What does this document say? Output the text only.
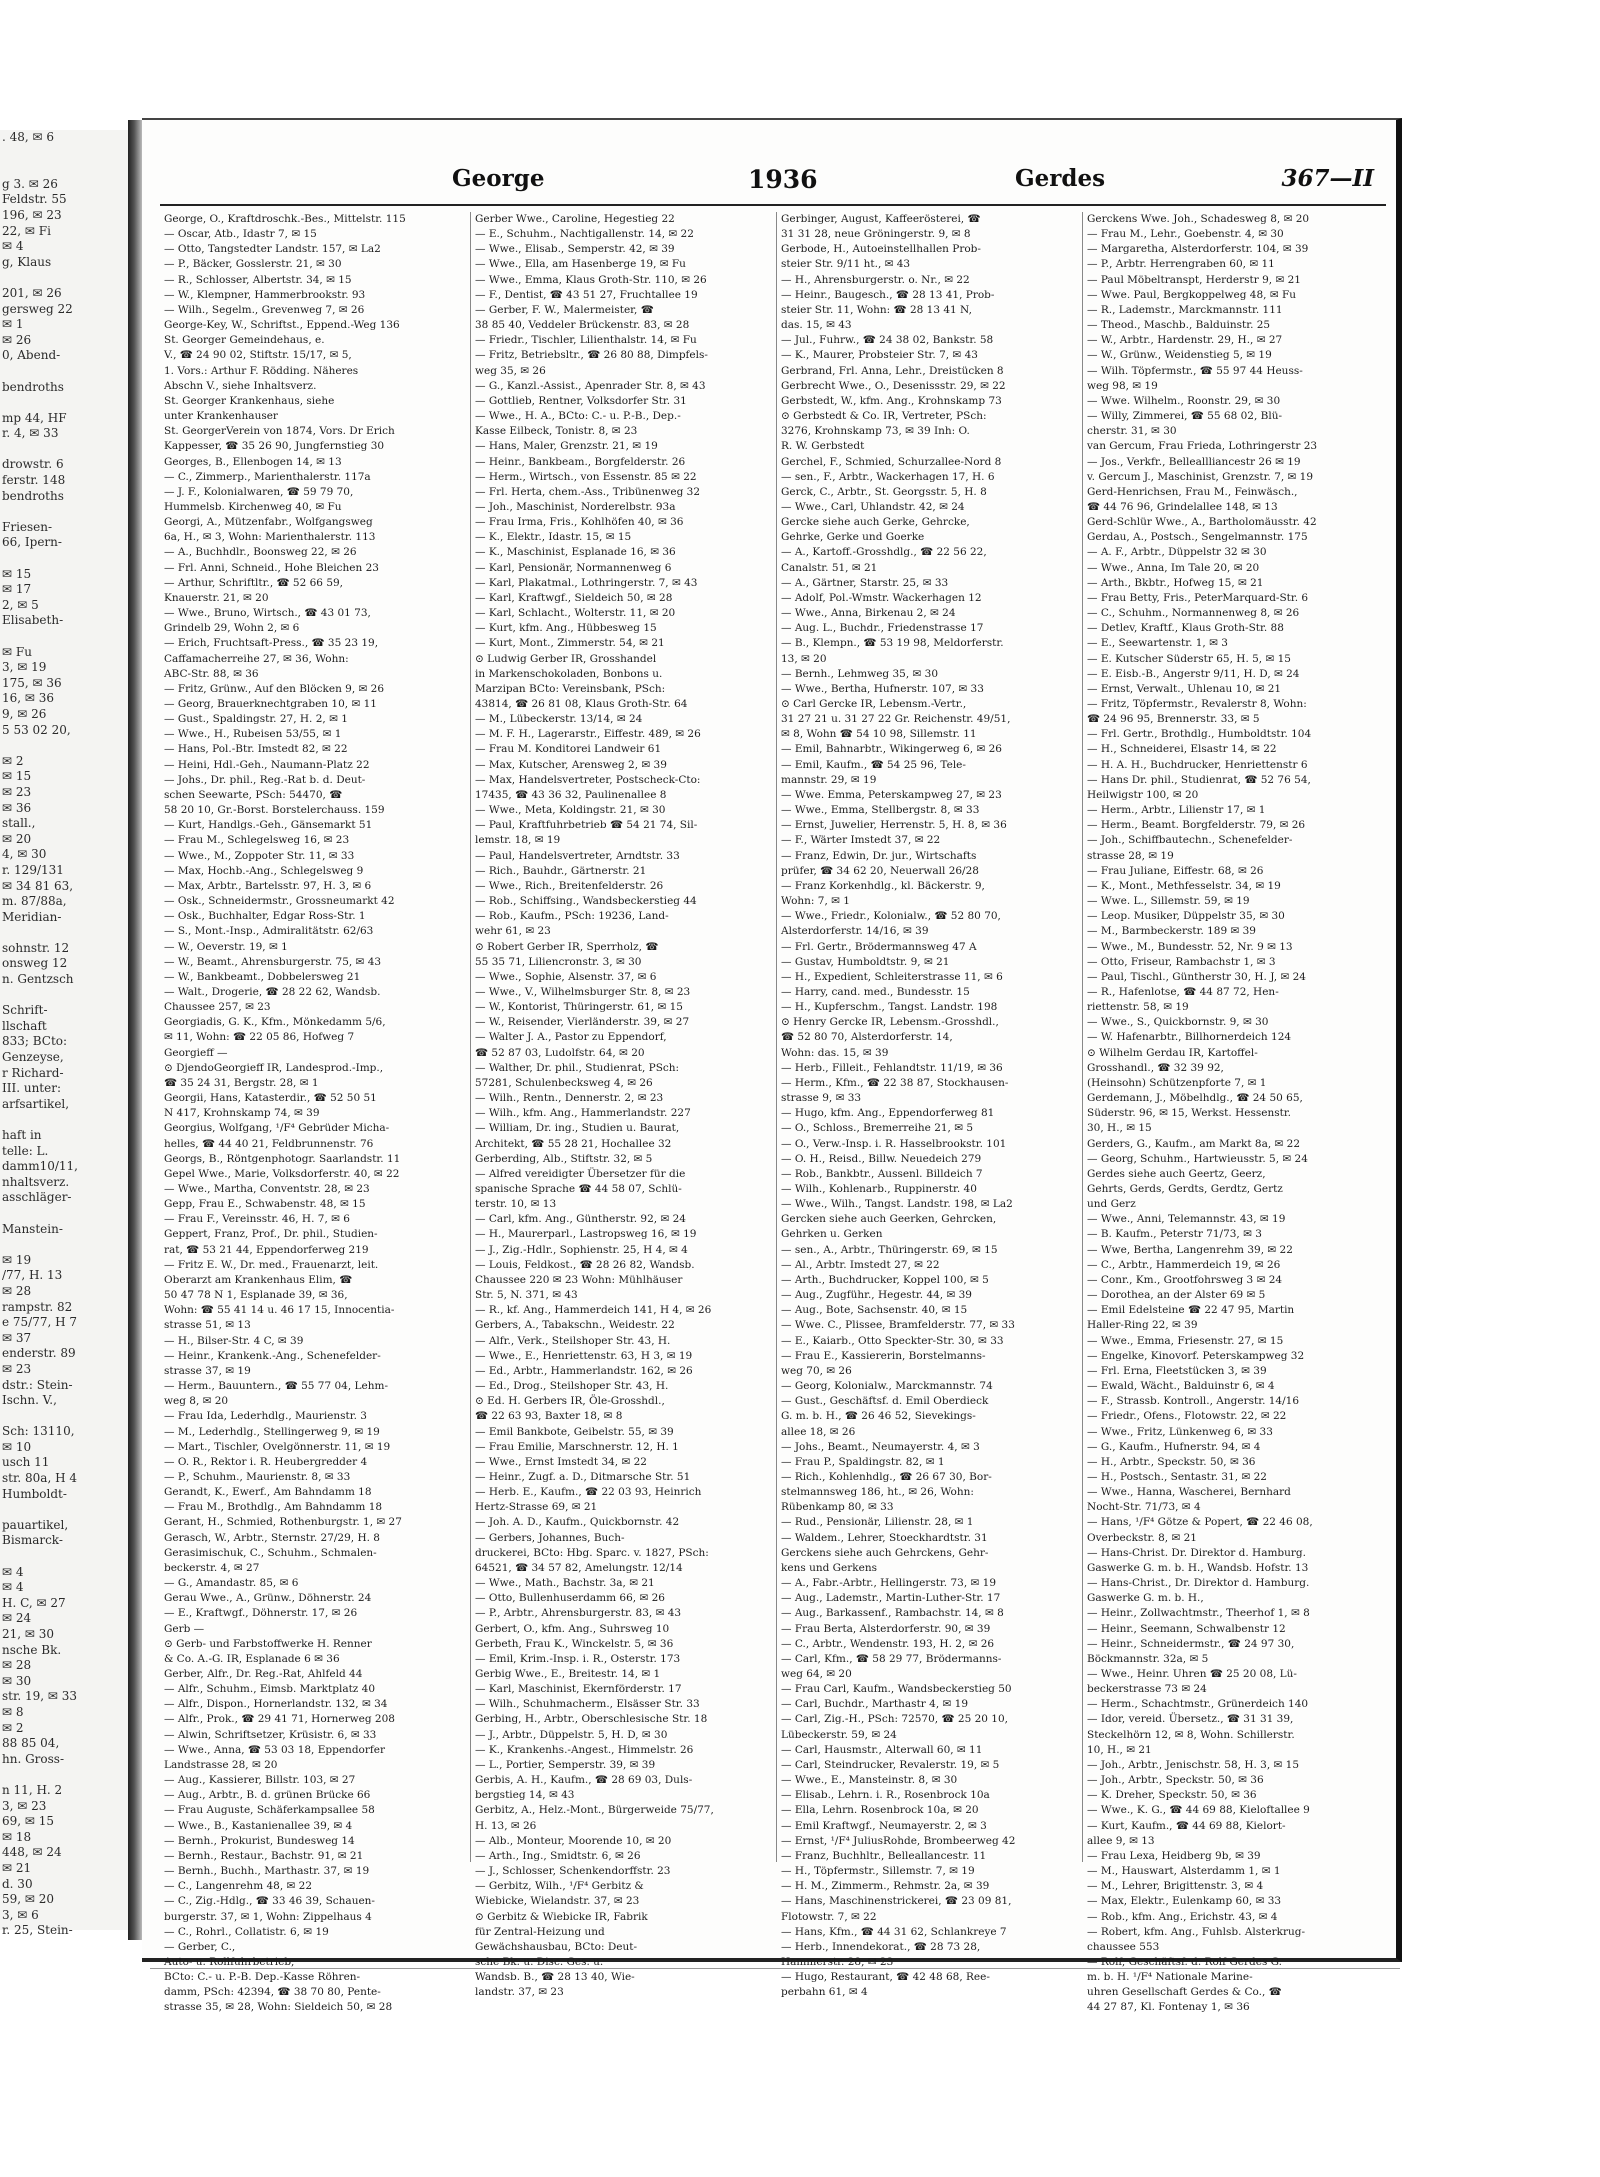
. 48, ✉ 6

g 3. ✉ 26
Feldstr. 55
196, ✉ 23
22, ✉ Fi
✉ 4
g, Klaus

201, ✉ 26
gersweg 22
✉ 1
✉ 26
0, Abend-

bendroths

mp 44, HF
r. 4, ✉ 33

drowstr. 6
ferstr. 148
bendroths

Friesen-
66, Ipern-

✉ 15
✉ 17
2, ✉ 5
Elisabeth-

✉ Fu
3, ✉ 19
175, ✉ 36
16, ✉ 36
9, ✉ 26
5 53 02 20,

✉ 2
✉ 15
✉ 23
✉ 36
stall.,
✉ 20
4, ✉ 30
r. 129/131
✉ 34 81 63,
m. 87/88a,
Meridian-

sohnstr. 12
onsweg 12
n. Gentzsch

Schrift-
llschaft
833; BCto:
Genzeyse,
r Richard-
III. unter:
arfsartikel,

haft in
telle: L.
damm10/11,
nhaltsverz.
asschläger-

Manstein-

✉ 19
/77, H. 13
✉ 28
rampstr. 82
e 75/77, H 7
✉ 37
enderstr. 89
✉ 23
dstr.: Stein-
Ischn. V.,

Sch: 13110,
✉ 10
usch 11
str. 80a, H 4
Humboldt-

pauartikel,
Bismarck-

✉ 4
✉ 4
H. C, ✉ 27
✉ 24
21, ✉ 30
nsche Bk.
✉ 28
✉ 30
str. 19, ✉ 33
✉ 8
✉ 2
88 85 04,
hn. Gross-

n 11, H. 2
3, ✉ 23
69, ✉ 15
✉ 18
448, ✉ 24
✉ 21
d. 30
59, ✉ 20
3, ✉ 6
r. 25, Stein-
George	1936	Gerdes	367—II
George, O., Kraftdroschk.-Bes., Mittelstr. 115
— Oscar, Atb., Idastr 7, ✉ 15
— Otto, Tangstedter Landstr. 157, ✉ La2
— P., Bäcker, Gosslerstr. 21, ✉ 30
— R., Schlosser, Albertstr. 34, ✉ 15
— W., Klempner, Hammerbrookstr. 93
— Wilh., Segelm., Grevenweg 7, ✉ 26
George-Key, W., Schriftst., Eppend.-Weg 136
St. Georger Gemeindehaus, e.
V., ☎ 24 90 02, Stiftstr. 15/17, ✉ 5,
1. Vors.: Arthur F. Rödding. Näheres
Abschn V., siehe Inhaltsverz.
St. Georger Krankenhaus, siehe
unter Krankenhauser
St. GeorgerVerein von 1874, Vors. Dr Erich
Kappesser, ☎ 35 26 90, Jungfernstieg 30
Georges, B., Ellenbogen 14, ✉ 13
— C., Zimmerp., Marienthalerstr. 117a
— J. F., Kolonialwaren, ☎ 59 79 70,
Hummelsb. Kirchenweg 40, ✉ Fu
Georgi, A., Mützenfabr., Wolfgangsweg
6a, H., ✉ 3, Wohn: Marienthalerstr. 113
— A., Buchhdlr., Boonsweg 22, ✉ 26
— Frl. Anni, Schneid., Hohe Bleichen 23
— Arthur, Schriftltr., ☎ 52 66 59,
Knauerstr. 21, ✉ 20
— Wwe., Bruno, Wirtsch., ☎ 43 01 73,
Grindelb 29, Wohn 2, ✉ 6
— Erich, Fruchtsaft-Press., ☎ 35 23 19,
Caffamacherreihe 27, ✉ 36, Wohn:
ABC-Str. 88, ✉ 36
— Fritz, Grünw., Auf den Blöcken 9, ✉ 26
— Georg, Brauerknechtgraben 10, ✉ 11
— Gust., Spaldingstr. 27, H. 2, ✉ 1
— Wwe., H., Rubeisen 53/55, ✉ 1
— Hans, Pol.-Btr. Imstedt 82, ✉ 22
— Heini, Hdl.-Geh., Naumann-Platz 22
— Johs., Dr. phil., Reg.-Rat b. d. Deut-
schen Seewarte, PSch: 54470, ☎
58 20 10, Gr.-Borst. Borstelerchauss. 159
— Kurt, Handlgs.-Geh., Gänsemarkt 51
— Frau M., Schlegelsweg 16, ✉ 23
— Wwe., M., Zoppoter Str. 11, ✉ 33
— Max, Hochb.-Ang., Schlegelsweg 9
— Max, Arbtr., Bartelsstr. 97, H. 3, ✉ 6
— Osk., Schneidermstr., Grossneumarkt 42
— Osk., Buchhalter, Edgar Ross-Str. 1
— S., Mont.-Insp., Admiralitätstr. 62/63
— W., Oeverstr. 19, ✉ 1
— W., Beamt., Ahrensburgerstr. 75, ✉ 43
— W., Bankbeamt., Dobbelersweg 21
— Walt., Drogerie, ☎ 28 22 62, Wandsb.
Chaussee 257, ✉ 23
Georgiadis, G. K., Kfm., Mönkedamm 5/6,
✉ 11, Wohn: ☎ 22 05 86, Hofweg 7
Georgieff —
⊙ DjendoGeorgieff IR, Landesprod.-Imp.,
☎ 35 24 31, Bergstr. 28, ✉ 1
Georgii, Hans, Katasterdir., ☎ 52 50 51
N 417, Krohnskamp 74, ✉ 39
Georgius, Wolfgang, ¹/F⁴ Gebrüder Micha-
helles, ☎ 44 40 21, Feldbrunnenstr. 76
Georgs, B., Röntgenphotogr. Saarlandstr. 11
Gepel Wwe., Marie, Volksdorferstr. 40, ✉ 22
— Wwe., Martha, Conventstr. 28, ✉ 23
Gepp, Frau E., Schwabenstr. 48, ✉ 15
— Frau F., Vereinsstr. 46, H. 7, ✉ 6
Geppert, Franz, Prof., Dr. phil., Studien-
rat, ☎ 53 21 44, Eppendorferweg 219
— Fritz E. W., Dr. med., Frauenarzt, leit.
Oberarzt am Krankenhaus Elim, ☎
50 47 78 N 1, Esplanade 39, ✉ 36,
Wohn: ☎ 55 41 14 u. 46 17 15, Innocentia-
strasse 51, ✉ 13
— H., Bilser-Str. 4 C, ✉ 39
— Heinr., Krankenk.-Ang., Schenefelder-
strasse 37, ✉ 19
— Herm., Bauuntern., ☎ 55 77 04, Lehm-
weg 8, ✉ 20
— Frau Ida, Lederhdlg., Maurienstr. 3
— M., Lederhdlg., Stellingerweg 9, ✉ 19
— Mart., Tischler, Ovelgönnerstr. 11, ✉ 19
— O. R., Rektor i. R. Heubergredder 4
— P., Schuhm., Maurienstr. 8, ✉ 33
Gerandt, K., Ewerf., Am Bahndamm 18
— Frau M., Brothdlg., Am Bahndamm 18
Gerant, H., Schmied, Rothenburgstr. 1, ✉ 27
Gerasch, W., Arbtr., Sternstr. 27/29, H. 8
Gerasimischuk, C., Schuhm., Schmalen-
beckerstr. 4, ✉ 27
— G., Amandastr. 85, ✉ 6
Gerau Wwe., A., Grünw., Döhnerstr. 24
— E., Kraftwgf., Döhnerstr. 17, ✉ 26
Gerb —
⊙ Gerb- und Farbstoffwerke H. Renner
& Co. A.-G. IR, Esplanade 6 ✉ 36
Gerber, Alfr., Dr. Reg.-Rat, Ahlfeld 44
— Alfr., Schuhm., Eimsb. Marktplatz 40
— Alfr., Dispon., Hornerlandstr. 132, ✉ 34
— Alfr., Prok., ☎ 29 41 71, Hornerweg 208
— Alwin, Schriftsetzer, Krüsistr. 6, ✉ 33
— Wwe., Anna, ☎ 53 03 18, Eppendorfer
Landstrasse 28, ✉ 20
— Aug., Kassierer, Billstr. 103, ✉ 27
— Aug., Arbtr., B. d. grünen Brücke 66
— Frau Auguste, Schäferkampsallee 58
— Wwe., B., Kastanienallee 39, ✉ 4
— Bernh., Prokurist, Bundesweg 14
— Bernh., Restaur., Bachstr. 91, ✉ 21
— Bernh., Buchh., Marthastr. 37, ✉ 19
— C., Langenrehm 48, ✉ 22
— C., Zig.-Hdlg., ☎ 33 46 39, Schauen-
burgerstr. 37, ✉ 1, Wohn: Zippelhaus 4
— C., Rohrl., Collatistr. 6, ✉ 19
— Gerber, C.,
Auto- u. Rollfuhrbetrieb,
BCto: C.- u. P.-B. Dep.-Kasse Röhren-
damm, PSch: 42394, ☎ 38 70 80, Pente-
strasse 35, ✉ 28, Wohn: Sieldeich 50, ✉ 28
Gerber Wwe., Caroline, Hegestieg 22
— E., Schuhm., Nachtigallenstr. 14, ✉ 22
— Wwe., Elisab., Semperstr. 42, ✉ 39
— Wwe., Ella, am Hasenberge 19, ✉ Fu
— Wwe., Emma, Klaus Groth-Str. 110, ✉ 26
— F., Dentist, ☎ 43 51 27, Fruchtallee 19
— Gerber, F. W., Malermeister, ☎
38 85 40, Veddeler Brückenstr. 83, ✉ 28
— Friedr., Tischler, Lilienthalstr. 14, ✉ Fu
— Fritz, Betriebsltr., ☎ 26 80 88, Dimpfels-
weg 35, ✉ 26
— G., Kanzl.-Assist., Apenrader Str. 8, ✉ 43
— Gottlieb, Rentner, Volksdorfer Str. 31
— Wwe., H. A., BCto: C.- u. P.-B., Dep.-
Kasse Eilbeck, Tonistr. 8, ✉ 23
— Hans, Maler, Grenzstr. 21, ✉ 19
— Heinr., Bankbeam., Borgfelderstr. 26
— Herm., Wirtsch., von Essenstr. 85 ✉ 22
— Frl. Herta, chem.-Ass., Tribünenweg 32
— Joh., Maschinist, Norderelbstr. 93a
— Frau Irma, Fris., Kohlhöfen 40, ✉ 36
— K., Elektr., Idastr. 15, ✉ 15
— K., Maschinist, Esplanade 16, ✉ 36
— Karl, Pensionär, Normannenweg 6
— Karl, Plakatmal., Lothringerstr. 7, ✉ 43
— Karl, Kraftwgf., Sieldeich 50, ✉ 28
— Karl, Schlacht., Wolterstr. 11, ✉ 20
— Kurt, kfm. Ang., Hübbesweg 15
— Kurt, Mont., Zimmerstr. 54, ✉ 21
⊙ Ludwig Gerber IR, Grosshandel
in Markenschokoladen, Bonbons u.
Marzipan BCto: Vereinsbank, PSch:
43814, ☎ 26 81 08, Klaus Groth-Str. 64
— M., Lübeckerstr. 13/14, ✉ 24
— M. F. H., Lagerarstr., Eiffestr. 489, ✉ 26
— Frau M. Konditorei Landweir 61
— Max, Kutscher, Arensweg 2, ✉ 39
— Max, Handelsvertreter, Postscheck-Cto:
17435, ☎ 43 36 32, Paulinenallee 8
— Wwe., Meta, Koldingstr. 21, ✉ 30
— Paul, Kraftfuhrbetrieb ☎ 54 21 74, Sil-
lemstr. 18, ✉ 19
— Paul, Handelsvertreter, Arndtstr. 33
— Rich., Bauhdr., Gärtnerstr. 21
— Wwe., Rich., Breitenfelderstr. 26
— Rob., Schiffsing., Wandsbeckerstieg 44
— Rob., Kaufm., PSch: 19236, Land-
wehr 61, ✉ 23
⊙ Robert Gerber IR, Sperrholz, ☎
55 35 71, Liliencronstr. 3, ✉ 30
— Wwe., Sophie, Alsenstr. 37, ✉ 6
— Wwe., V., Wilhelmsburger Str. 8, ✉ 23
— W., Kontorist, Thüringerstr. 61, ✉ 15
— W., Reisender, Vierländerstr. 39, ✉ 27
— Walter J. A., Pastor zu Eppendorf,
☎ 52 87 03, Ludolfstr. 64, ✉ 20
— Walther, Dr. phil., Studienrat, PSch:
57281, Schulenbecksweg 4, ✉ 26
— Wilh., Rentn., Dennerstr. 2, ✉ 23
— Wilh., kfm. Ang., Hammerlandstr. 227
— William, Dr. ing., Studien u. Baurat,
Architekt, ☎ 55 28 21, Hochallee 32
Gerberding, Alb., Stiftstr. 32, ✉ 5
— Alfred vereidigter Übersetzer für die
spanische Sprache ☎ 44 58 07, Schlü-
terstr. 10, ✉ 13
— Carl, kfm. Ang., Güntherstr. 92, ✉ 24
— H., Maurerparl., Lastropsweg 16, ✉ 19
— J., Zig.-Hdlr., Sophienstr. 25, H 4, ✉ 4
— Louis, Feldkost., ☎ 28 26 82, Wandsb.
Chaussee 220 ✉ 23 Wohn: Mühlhäuser
Str. 5, N. 371, ✉ 43
— R., kf. Ang., Hammerdeich 141, H 4, ✉ 26
Gerbers, A., Tabakschn., Weidestr. 22
— Alfr., Verk., Steilshoper Str. 43, H.
— Wwe., E., Henriettenstr. 63, H 3, ✉ 19
— Ed., Arbtr., Hammerlandstr. 162, ✉ 26
— Ed., Drog., Steilshoper Str. 43, H.
⊙ Ed. H. Gerbers IR, Öle-Grosshdl.,
☎ 22 63 93, Baxter 18, ✉ 8
— Emil Bankbote, Geibelstr. 55, ✉ 39
— Frau Emilie, Marschnerstr. 12, H. 1
— Wwe., Ernst Imstedt 34, ✉ 22
— Heinr., Zugf. a. D., Ditmarsche Str. 51
— Herb. E., Kaufm., ☎ 22 03 93, Heinrich
Hertz-Strasse 69, ✉ 21
— Joh. A. D., Kaufm., Quickbornstr. 42
— Gerbers, Johannes, Buch-
druckerei, BCto: Hbg. Sparc. v. 1827, PSch:
64521, ☎ 34 57 82, Amelungstr. 12/14
— Wwe., Math., Bachstr. 3a, ✉ 21
— Otto, Bullenhuserdamm 66, ✉ 26
— P., Arbtr., Ahrensburgerstr. 83, ✉ 43
Gerbert, O., kfm. Ang., Suhrsweg 10
Gerbeth, Frau K., Winckelstr. 5, ✉ 36
— Emil, Krim.-Insp. i. R., Osterstr. 173
Gerbig Wwe., E., Breitestr. 14, ✉ 1
— Karl, Maschinist, Ekernförderstr. 17
— Wilh., Schuhmacherm., Elsässer Str. 33
Gerbing, H., Arbtr., Oberschlesische Str. 18
— J., Arbtr., Düppelstr. 5, H. D, ✉ 30
— K., Krankenhs.-Angest., Himmelstr. 26
— L., Portier, Semperstr. 39, ✉ 39
Gerbis, A. H., Kaufm., ☎ 28 69 03, Duls-
bergstieg 14, ✉ 43
Gerbitz, A., Helz.-Mont., Bürgerweide 75/77,
H. 13, ✉ 26
— Alb., Monteur, Moorende 10, ✉ 20
— Arth., Ing., Smidtstr. 6, ✉ 26
— J., Schlosser, Schenkendorffstr. 23
— Gerbitz, Wilh., ¹/F⁴ Gerbitz &
Wiebicke, Wielandstr. 37, ✉ 23
⊙ Gerbitz & Wiebicke IR, Fabrik
für Zentral-Heizung und
Gewächshausbau, BCto: Deut-
sche Bk. u. Disc. Ges. u.
Wandsb. B., ☎ 28 13 40, Wie-
landstr. 37, ✉ 23
Gerbinger, August, Kaffeerösterei, ☎
31 31 28, neue Gröningerstr. 9, ✉ 8
Gerbode, H., Autoeinstellhallen Prob-
steier Str. 9/11 ht., ✉ 43
— H., Ahrensburgerstr. o. Nr., ✉ 22
— Heinr., Baugesch., ☎ 28 13 41, Prob-
steier Str. 11, Wohn: ☎ 28 13 41 N,
das. 15, ✉ 43
— Jul., Fuhrw., ☎ 24 38 02, Bankstr. 58
— K., Maurer, Probsteier Str. 7, ✉ 43
Gerbrand, Frl. Anna, Lehr., Dreistücken 8
Gerbrecht Wwe., O., Desenissstr. 29, ✉ 22
Gerbstedt, W., kfm. Ang., Krohnskamp 73
⊙ Gerbstedt & Co. IR, Vertreter, PSch:
3276, Krohnskamp 73, ✉ 39 Inh: O.
R. W. Gerbstedt
Gerchel, F., Schmied, Schurzallee-Nord 8
— sen., F., Arbtr., Wackerhagen 17, H. 6
Gerck, C., Arbtr., St. Georgsstr. 5, H. 8
— Wwe., Carl, Uhlandstr. 42, ✉ 24
Gercke siehe auch Gerke, Gehrcke,
Gehrke, Gerke und Goerke
— A., Kartoff.-Grosshdlg., ☎ 22 56 22,
Canalstr. 51, ✉ 21
— A., Gärtner, Starstr. 25, ✉ 33
— Adolf, Pol.-Wmstr. Wackerhagen 12
— Wwe., Anna, Birkenau 2, ✉ 24
— Aug. L., Buchdr., Friedenstrasse 17
— B., Klempn., ☎ 53 19 98, Meldorferstr.
13, ✉ 20
— Bernh., Lehmweg 35, ✉ 30
— Wwe., Bertha, Hufnerstr. 107, ✉ 33
⊙ Carl Gercke IR, Lebensm.-Vertr.,
31 27 21 u. 31 27 22 Gr. Reichenstr. 49/51,
✉ 8, Wohn ☎ 54 10 98, Sillemstr. 11
— Emil, Bahnarbtr., Wikingerweg 6, ✉ 26
— Emil, Kaufm., ☎ 54 25 96, Tele-
mannstr. 29, ✉ 19
— Wwe. Emma, Peterskampweg 27, ✉ 23
— Wwe., Emma, Stellbergstr. 8, ✉ 33
— Ernst, Juwelier, Herrenstr. 5, H. 8, ✉ 36
— F., Wärter Imstedt 37, ✉ 22
— Franz, Edwin, Dr. jur., Wirtschafts
prüfer, ☎ 34 62 20, Neuerwall 26/28
— Franz Korkenhdlg., kl. Bäckerstr. 9,
Wohn: 7, ✉ 1
— Wwe., Friedr., Kolonialw., ☎ 52 80 70,
Alsterdorferstr. 14/16, ✉ 39
— Frl. Gertr., Brödermannsweg 47 A
— Gustav, Humboldtstr. 9, ✉ 21
— H., Expedient, Schleiterstrasse 11, ✉ 6
— Harry, cand. med., Bundesstr. 15
— H., Kupferschm., Tangst. Landstr. 198
⊙ Henry Gercke IR, Lebensm.-Grosshdl.,
☎ 52 80 70, Alsterdorferstr. 14,
Wohn: das. 15, ✉ 39
— Herb., Filleit., Fehlandtstr. 11/19, ✉ 36
— Herm., Kfm., ☎ 22 38 87, Stockhausen-
strasse 9, ✉ 33
— Hugo, kfm. Ang., Eppendorferweg 81
— O., Schloss., Bremerreihe 21, ✉ 5
— O., Verw.-Insp. i. R. Hasselbrookstr. 101
— O. H., Reisd., Billw. Neuedeich 279
— Rob., Bankbtr., Aussenl. Billdeich 7
— Wilh., Kohlenarb., Ruppinerstr. 40
— Wwe., Wilh., Tangst. Landstr. 198, ✉ La2
Gercken siehe auch Geerken, Gehrcken,
Gehrken u. Gerken
— sen., A., Arbtr., Thüringerstr. 69, ✉ 15
— Al., Arbtr. Imstedt 27, ✉ 22
— Arth., Buchdrucker, Koppel 100, ✉ 5
— Aug., Zugführ., Hegestr. 44, ✉ 39
— Aug., Bote, Sachsenstr. 40, ✉ 15
— Wwe. C., Plissee, Bramfelderstr. 77, ✉ 33
— E., Kaiarb., Otto Speckter-Str. 30, ✉ 33
— Frau E., Kassiererin, Borstelmanns-
weg 70, ✉ 26
— Georg, Kolonialw., Marckmannstr. 74
— Gust., Geschäftsf. d. Emil Oberdieck
G. m. b. H., ☎ 26 46 52, Sievekings-
allee 18, ✉ 26
— Johs., Beamt., Neumayerstr. 4, ✉ 3
— Frau P., Spaldingstr. 82, ✉ 1
— Rich., Kohlenhdlg., ☎ 26 67 30, Bor-
stelmannsweg 186, ht., ✉ 26, Wohn:
Rübenkamp 80, ✉ 33
— Rud., Pensionär, Lilienstr. 28, ✉ 1
— Waldem., Lehrer, Stoeckhardtstr. 31
Gerckens siehe auch Gehrckens, Gehr-
kens und Gerkens
— A., Fabr.-Arbtr., Hellingerstr. 73, ✉ 19
— Aug., Lademstr., Martin-Luther-Str. 17
— Aug., Barkassenf., Rambachstr. 14, ✉ 8
— Frau Berta, Alsterdorferstr. 90, ✉ 39
— C., Arbtr., Wendenstr. 193, H. 2, ✉ 26
— Carl, Kfm., ☎ 58 29 77, Brödermanns-
weg 64, ✉ 20
— Frau Carl, Kaufm., Wandsbeckerstieg 50
— Carl, Buchdr., Marthastr 4, ✉ 19
— Carl, Zig.-H., PSch: 72570, ☎ 25 20 10,
Lübeckerstr. 59, ✉ 24
— Carl, Hausmstr., Alterwall 60, ✉ 11
— Carl, Steindrucker, Revalerstr. 19, ✉ 5
— Wwe., E., Mansteinstr. 8, ✉ 30
— Elisab., Lehrn. i. R., Rosenbrock 10a
— Ella, Lehrn. Rosenbrock 10a, ✉ 20
— Emil Kraftwgf., Neumayerstr. 2, ✉ 3
— Ernst, ¹/F⁴ JuliusRohde, Brombeerweg 42
— Franz, Buchhltr., Belleallancestr. 11
— H., Töpfermstr., Sillemstr. 7, ✉ 19
— H. M., Zimmerm., Rehmstr. 2a, ✉ 39
— Hans, Maschinenstrickerei, ☎ 23 09 81,
Flotowstr. 7, ✉ 22
— Hans, Kfm., ☎ 44 31 62, Schlankreye 7
— Herb., Innendekorat., ☎ 28 73 28,
Hammerstr. 28, ✉ 23
— Hugo, Restaurant, ☎ 42 48 68, Ree-
perbahn 61, ✉ 4
Gerckens Wwe. Joh., Schadesweg 8, ✉ 20
— Frau M., Lehr., Goebenstr. 4, ✉ 30
— Margaretha, Alsterdorferstr. 104, ✉ 39
— P., Arbtr. Herrengraben 60, ✉ 11
— Paul Möbeltranspt, Herderstr 9, ✉ 21
— Wwe. Paul, Bergkoppelweg 48, ✉ Fu
— R., Lademstr., Marckmannstr. 111
— Theod., Maschb., Balduinstr. 25
— W., Arbtr., Hardenstr. 29, H., ✉ 27
— W., Grünw., Weidenstieg 5, ✉ 19
— Wilh. Töpfermstr., ☎ 55 97 44 Heuss-
weg 98, ✉ 19
— Wwe. Wilhelm., Roonstr. 29, ✉ 30
— Willy, Zimmerei, ☎ 55 68 02, Blü-
cherstr. 31, ✉ 30
van Gercum, Frau Frieda, Lothringerstr 23
— Jos., Verkfr., Belleallliancestr 26 ✉ 19
v. Gercum J., Maschinist, Grenzstr. 7, ✉ 19
Gerd-Henrichsen, Frau M., Feinwäsch.,
☎ 44 76 96, Grindelallee 148, ✉ 13
Gerd-Schlür Wwe., A., Bartholomäusstr. 42
Gerdau, A., Postsch., Sengelmannstr. 175
— A. F., Arbtr., Düppelstr 32 ✉ 30
— Wwe., Anna, Im Tale 20, ✉ 20
— Arth., Bkbtr., Hofweg 15, ✉ 21
— Frau Betty, Fris., PeterMarquard-Str. 6
— C., Schuhm., Normannenweg 8, ✉ 26
— Detlev, Kraftf., Klaus Groth-Str. 88
— E., Seewartenstr. 1, ✉ 3
— E. Kutscher Süderstr 65, H. 5, ✉ 15
— E. Eisb.-B., Angerstr 9/11, H. D, ✉ 24
— Ernst, Verwalt., Uhlenau 10, ✉ 21
— Fritz, Töpfermstr., Revalerstr 8, Wohn:
☎ 24 96 95, Brennerstr. 33, ✉ 5
— Frl. Gertr., Brothdlg., Humboldtstr. 104
— H., Schneiderei, Elsastr 14, ✉ 22
— H. A. H., Buchdrucker, Henriettenstr 6
— Hans Dr. phil., Studienrat, ☎ 52 76 54,
Heilwigstr 100, ✉ 20
— Herm., Arbtr., Lilienstr 17, ✉ 1
— Herm., Beamt. Borgfelderstr. 79, ✉ 26
— Joh., Schiffbautechn., Schenefelder-
strasse 28, ✉ 19
— Frau Juliane, Eiffestr. 68, ✉ 26
— K., Mont., Methfesselstr. 34, ✉ 19
— Wwe. L., Sillemstr. 59, ✉ 19
— Leop. Musiker, Düppelstr 35, ✉ 30
— M., Barmbeckerstr. 189 ✉ 39
— Wwe., M., Bundesstr. 52, Nr. 9 ✉ 13
— Otto, Friseur, Rambachstr 1, ✉ 3
— Paul, Tischl., Güntherstr 30, H. J, ✉ 24
— R., Hafenlotse, ☎ 44 87 72, Hen-
riettenstr. 58, ✉ 19
— Wwe., S., Quickbornstr. 9, ✉ 30
— W. Hafenarbtr., Billhornerdeich 124
⊙ Wilhelm Gerdau IR, Kartoffel-
Grosshandl., ☎ 32 39 92,
(Heinsohn) Schützenpforte 7, ✉ 1
Gerdemann, J., Möbelhdlg., ☎ 24 50 65,
Süderstr. 96, ✉ 15, Werkst. Hessenstr.
30, H., ✉ 15
Gerders, G., Kaufm., am Markt 8a, ✉ 22
— Georg, Schuhm., Hartwieusstr. 5, ✉ 24
Gerdes siehe auch Geertz, Geerz,
Gehrts, Gerds, Gerdts, Gerdtz, Gertz
und Gerz
— Wwe., Anni, Telemannstr. 43, ✉ 19
— B. Kaufm., Peterstr 71/73, ✉ 3
— Wwe, Bertha, Langenrehm 39, ✉ 22
— C., Arbtr., Hammerdeich 19, ✉ 26
— Conr., Km., Grootfohrsweg 3 ✉ 24
— Dorothea, an der Alster 69 ✉ 5
— Emil Edelsteine ☎ 22 47 95, Martin
Haller-Ring 22, ✉ 39
— Wwe., Emma, Friesenstr. 27, ✉ 15
— Engelke, Kinovorf. Peterskampweg 32
— Frl. Erna, Fleetstücken 3, ✉ 39
— Ewald, Wächt., Balduinstr 6, ✉ 4
— F., Strassb. Kontroll., Angerstr. 14/16
— Friedr., Ofens., Flotowstr. 22, ✉ 22
— Wwe., Fritz, Lünkenweg 6, ✉ 33
— G., Kaufm., Hufnerstr. 94, ✉ 4
— H., Arbtr., Speckstr. 50, ✉ 36
— H., Postsch., Sentastr. 31, ✉ 22
— Wwe., Hanna, Wascherei, Bernhard
Nocht-Str. 71/73, ✉ 4
— Hans, ¹/F⁴ Götze & Popert, ☎ 22 46 08,
Overbeckstr. 8, ✉ 21
— Hans-Christ. Dr. Direktor d. Hamburg.
Gaswerke G. m. b. H., Wandsb. Hofstr. 13
— Hans-Christ., Dr. Direktor d. Hamburg.
Gaswerke G. m. b. H.,
— Heinr., Zollwachtmstr., Theerhof 1, ✉ 8
— Heinr., Seemann, Schwalbenstr 12
— Heinr., Schneidermstr., ☎ 24 97 30,
Böckmannstr. 32a, ✉ 5
— Wwe., Heinr. Uhren ☎ 25 20 08, Lü-
beckerstrasse 73 ✉ 24
— Herm., Schachtmstr., Grünerdeich 140
— Idor, vereid. Übersetz., ☎ 31 31 39,
Steckelhörn 12, ✉ 8, Wohn. Schillerstr.
10, H., ✉ 21
— Joh., Arbtr., Jenischstr. 58, H. 3, ✉ 15
— Joh., Arbtr., Speckstr. 50, ✉ 36
— K. Dreher, Speckstr. 50, ✉ 36
— Wwe., K. G., ☎ 44 69 88, Kieloftallee 9
— Kurt, Kaufm., ☎ 44 69 88, Kielort-
allee 9, ✉ 13
— Frau Lexa, Heidberg 9b, ✉ 39
— M., Hauswart, Alsterdamm 1, ✉ 1
— M., Lehrer, Brigittenstr. 3, ✉ 4
— Max, Elektr., Eulenkamp 60, ✉ 33
— Rob., kfm. Ang., Erichstr. 43, ✉ 4
— Robert, kfm. Ang., Fuhlsb. Alsterkrug-
chaussee 553
— Rolf, Geschäftsf. d. Rolf Gerdes G.
m. b. H. ¹/F⁴ Nationale Marine-
uhren Gesellschaft Gerdes & Co., ☎
44 27 87, Kl. Fontenay 1, ✉ 36
